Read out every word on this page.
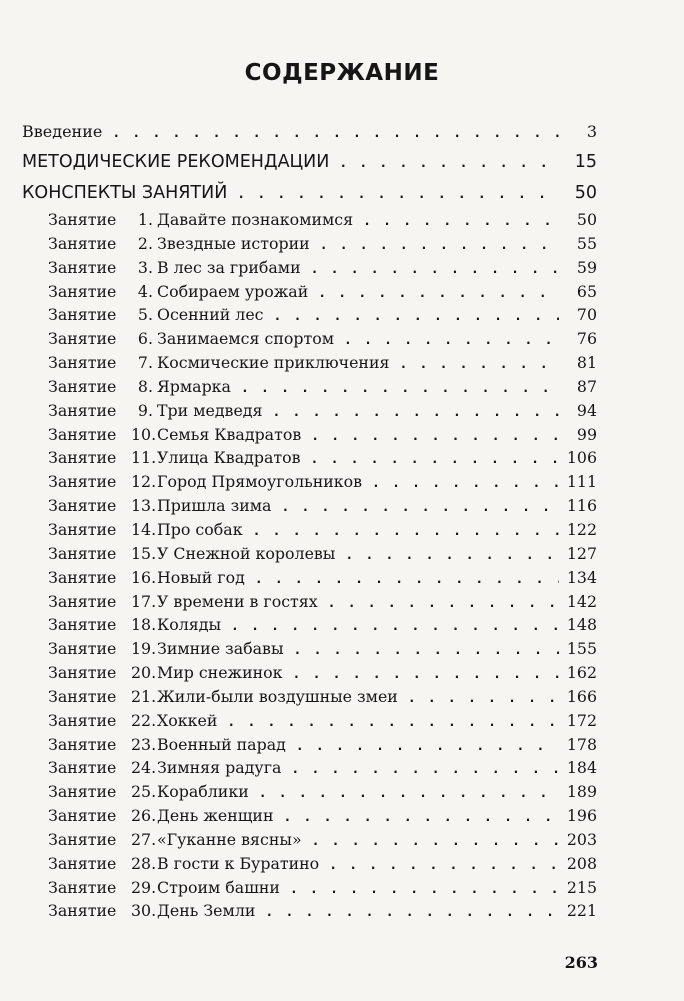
СОДЕРЖАНИЕ
Введение . . .	3
МЕТОДИЧЕСКИЕ РЕКОМЕНДАЦИИ . . .	15
КОНСПЕКТЫ ЗАНЯТИЙ . . .	50
Занятие	1. Давайте познакомимся . . .	50
Занятие	2. Звездные истории . . .	55
Занятие	3. В лес за грибами . . .	59
Занятие	4. Собираем урожай . . .	65
Занятие	5. Осенний лес . . .	70
Занятие	6. Занимаемся спортом . . .	76
Занятие	7. Космические приключения . . .	81
Занятие	8. Ярмарка . . .	87
Занятие	9. Три медведя . . .	94
Занятие 10. Семья Квадратов . . .	99
Занятие 11. Улица Квадратов . . .	106
Занятие 12. Город Прямоугольников . . .	111
Занятие 13. Пришла зима . . .	116
Занятие 14. Про собак . . .	122
Занятие 15. У Снежной королевы . . .	127
Занятие 16. Новый год . . .	134
Занятие 17. У времени в гостях . . .	142
Занятие 18. Коляды . . .	148
Занятие 19. Зимние забавы . . .	155
Занятие 20. Мир снежинок . . .	162
Занятие 21. Жили-были воздушные змеи . . .	166
Занятие 22. Хоккей . . .	172
Занятие 23. Военный парад . . .	178
Занятие 24. Зимняя радуга . . .	184
Занятие 25. Кораблики . . .	189
Занятие 26. День женщин . . .	196
Занятие 27. «Гуканне вясны» . . .	203
Занятие 28. В гости к Буратино . . .	208
Занятие 29. Строим башни . . .	215
Занятие 30. День Земли . . .	221
263
